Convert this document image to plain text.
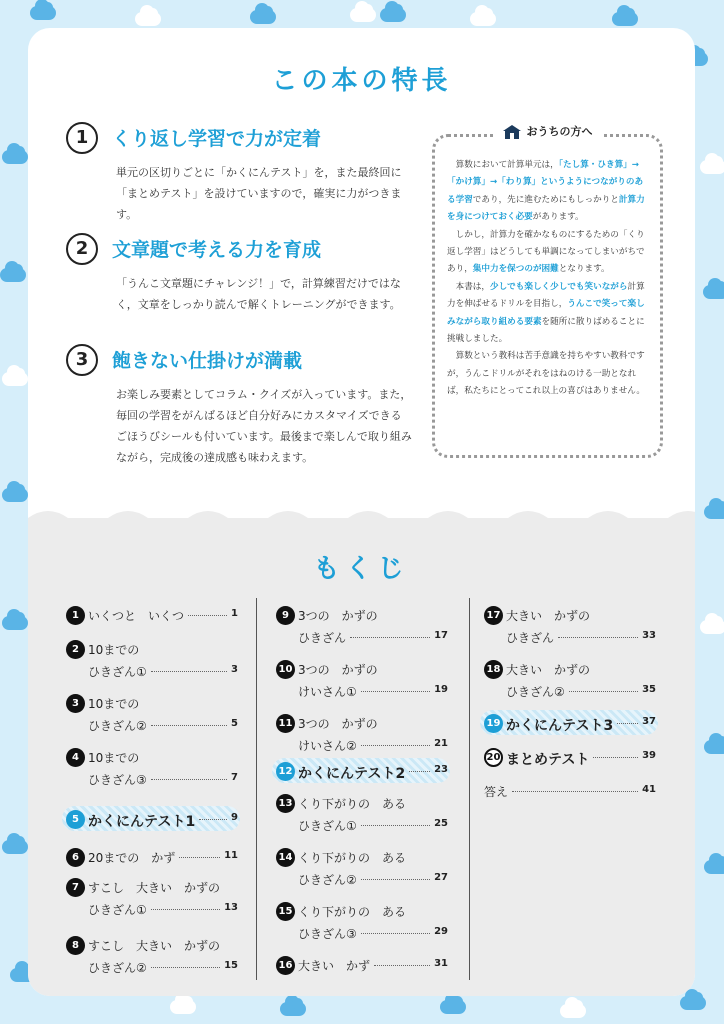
この本の特長
1	くり返し学習で力が定着
単元の区切りごとに「かくにんテスト」を，また最終回に「まとめテスト」を設けていますので，確実に力がつきます。
2	文章題で考える力を育成
「うんこ文章題にチャレンジ！」で，計算練習だけではなく，文章をしっかり読んで解くトレーニングができます。
3	飽きない仕掛けが満載
お楽しみ要素としてコラム・クイズが入っています。また，毎回の学習をがんばるほど自分好みにカスタマイズできるごほうびシールも付いています。最後まで楽しんで取り組みながら，完成後の達成感も味わえます。
おうちの方へ

算数において計算単元は，「たし算・ひき算」→「かけ算」→「わり算」というようにつながりのある学習であり，先に進むためにもしっかりと計算力を身につけておく必要があります。

しかし，計算力を確かなものにするための「くり返し学習」はどうしても単調になってしまいがちであり，集中力を保つのが困難となります。

本書は，少しでも楽しく少しでも笑いながら計算力を伸ばせるドリルを目指し，うんこで笑って楽しみながら取り組める要素を随所に散りばめることに挑戦しました。

算数という教科は苦手意識を持ちやすい教科ですが，うんこドリルがそれをはねのける一助となれば，私たちにとってこれ以上の喜びはありません。

もくじ
1 いくつと　いくつ	1
2 10までの
ひきざん①	3
3 10までの
ひきざん②	5
4 10までの
ひきざん③	7
5 かくにんテスト1	9
6 20までの　かず	11
7 すこし　大きい　かずの
ひきざん①	13
8 すこし　大きい　かずの
ひきざん②	15
9 3つの　かずの
ひきざん	17
10 3つの　かずの
けいさん①	19
11 3つの　かずの
けいさん②	21
12 かくにんテスト2	23
13 くり下がりの　ある
ひきざん①	25
14 くり下がりの　ある
ひきざん②	27
15 くり下がりの　ある
ひきざん③	29
16 大きい　かず	31
17 大きい　かずの
ひきざん	33
18 大きい　かずの
ひきざん②	35
19 かくにんテスト3	37
20 まとめテスト	39
答え	41
